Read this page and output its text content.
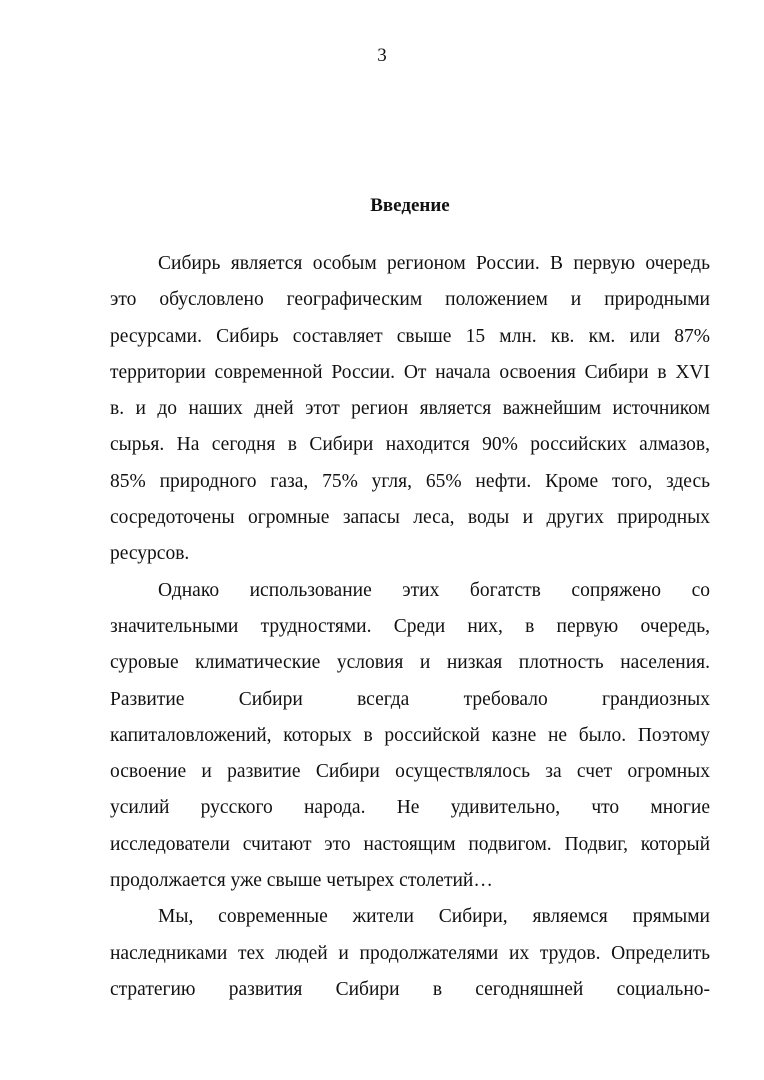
3
Введение
Сибирь является особым регионом России. В первую очередь
это обусловлено географическим положением и природными
ресурсами. Сибирь составляет свыше 15 млн. кв. км. или 87%
территории современной России. От начала освоения Сибири в XVI
в. и до наших дней этот регион является важнейшим источником
сырья. На сегодня в Сибири находится 90% российских алмазов,
85% природного газа, 75% угля, 65% нефти. Кроме того, здесь
сосредоточены огромные запасы леса, воды и других природных
ресурсов.
Однако использование этих богатств сопряжено со
значительными трудностями. Среди них, в первую очередь,
суровые климатические условия и низкая плотность населения.
Развитие Сибири всегда требовало грандиозных
капиталовложений, которых в российской казне не было. Поэтому
освоение и развитие Сибири осуществлялось за счет огромных
усилий русского народа. Не удивительно, что многие
исследователи считают это настоящим подвигом. Подвиг, который
продолжается уже свыше четырех столетий…
Мы, современные жители Сибири, являемся прямыми
наследниками тех людей и продолжателями их трудов. Определить
стратегию развития Сибири в сегодняшней социально-
